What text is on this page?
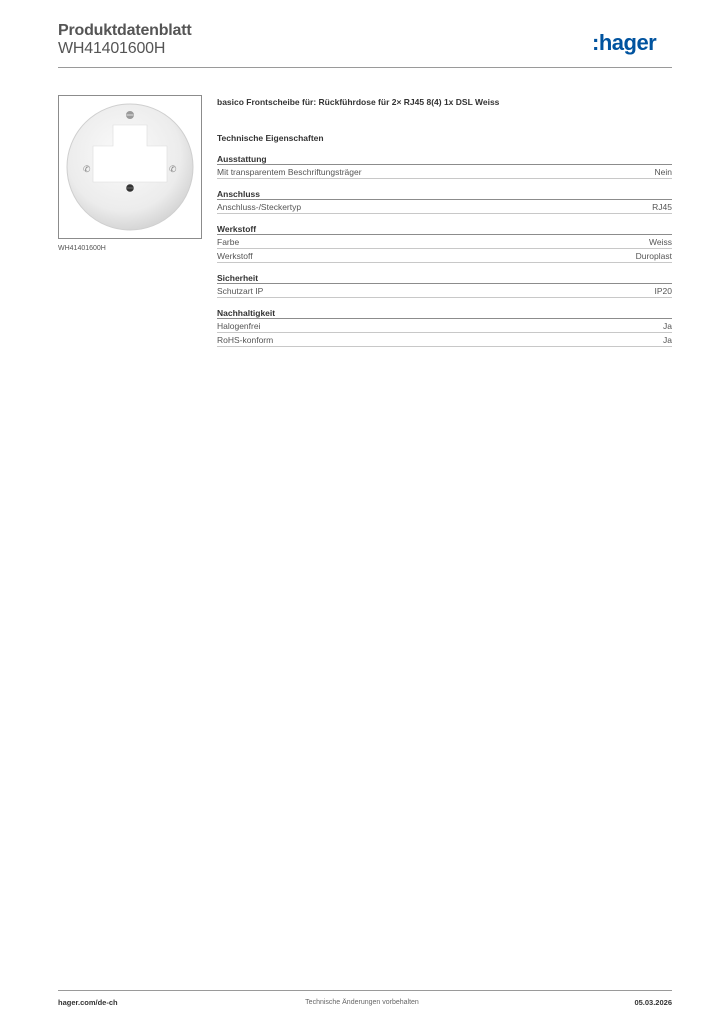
Produktdatenblatt
WH41401600H	:hager
✆	✆
WH41401600H
basico Frontscheibe für: Rückführdose für 2× RJ45 8(4) 1x DSL Weiss
Technische Eigenschaften
Ausstattung
Mit transparentem Beschriftungsträger	Nein
Anschluss
Anschluss-/Steckertyp	RJ45
Werkstoff
Farbe	Weiss
Werkstoff	Duroplast
Sicherheit
Schutzart IP	IP20
Nachhaltigkeit
Halogenfrei	Ja
RoHS-konform	Ja
hager.com/de-ch	Technische Änderungen vorbehalten	05.03.2026
